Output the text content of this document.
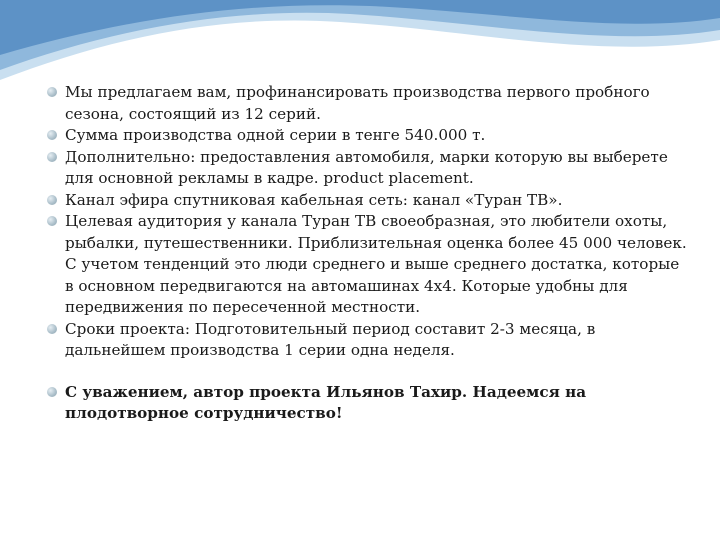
Мы предлагаем вам, профинансировать производства первого пробного сезона, состоящий из 12 серий.
Сумма производства одной серии в тенге 540.000 т.
Дополнительно: предоставления автомобиля, марки которую вы выберете для основной рекламы в кадре. product placement.
Канал эфира спутниковая кабельная сеть: канал «Туран ТВ».
Целевая аудитория у канала Туран ТВ своеобразная, это любители охоты, рыбалки, путешественники. Приблизительная оценка более 45 000 человек. С учетом тенденций это люди среднего и выше среднего достатка, которые в основном передвигаются на автомашинах 4х4. Которые удобны для передвижения по пересеченной местности.
Сроки проекта: Подготовительный период составит 2-3 месяца, в дальнейшем производства 1 серии одна неделя.
С уважением, автор проекта Ильянов Тахир. Надеемся на плодотворное сотрудничество!
